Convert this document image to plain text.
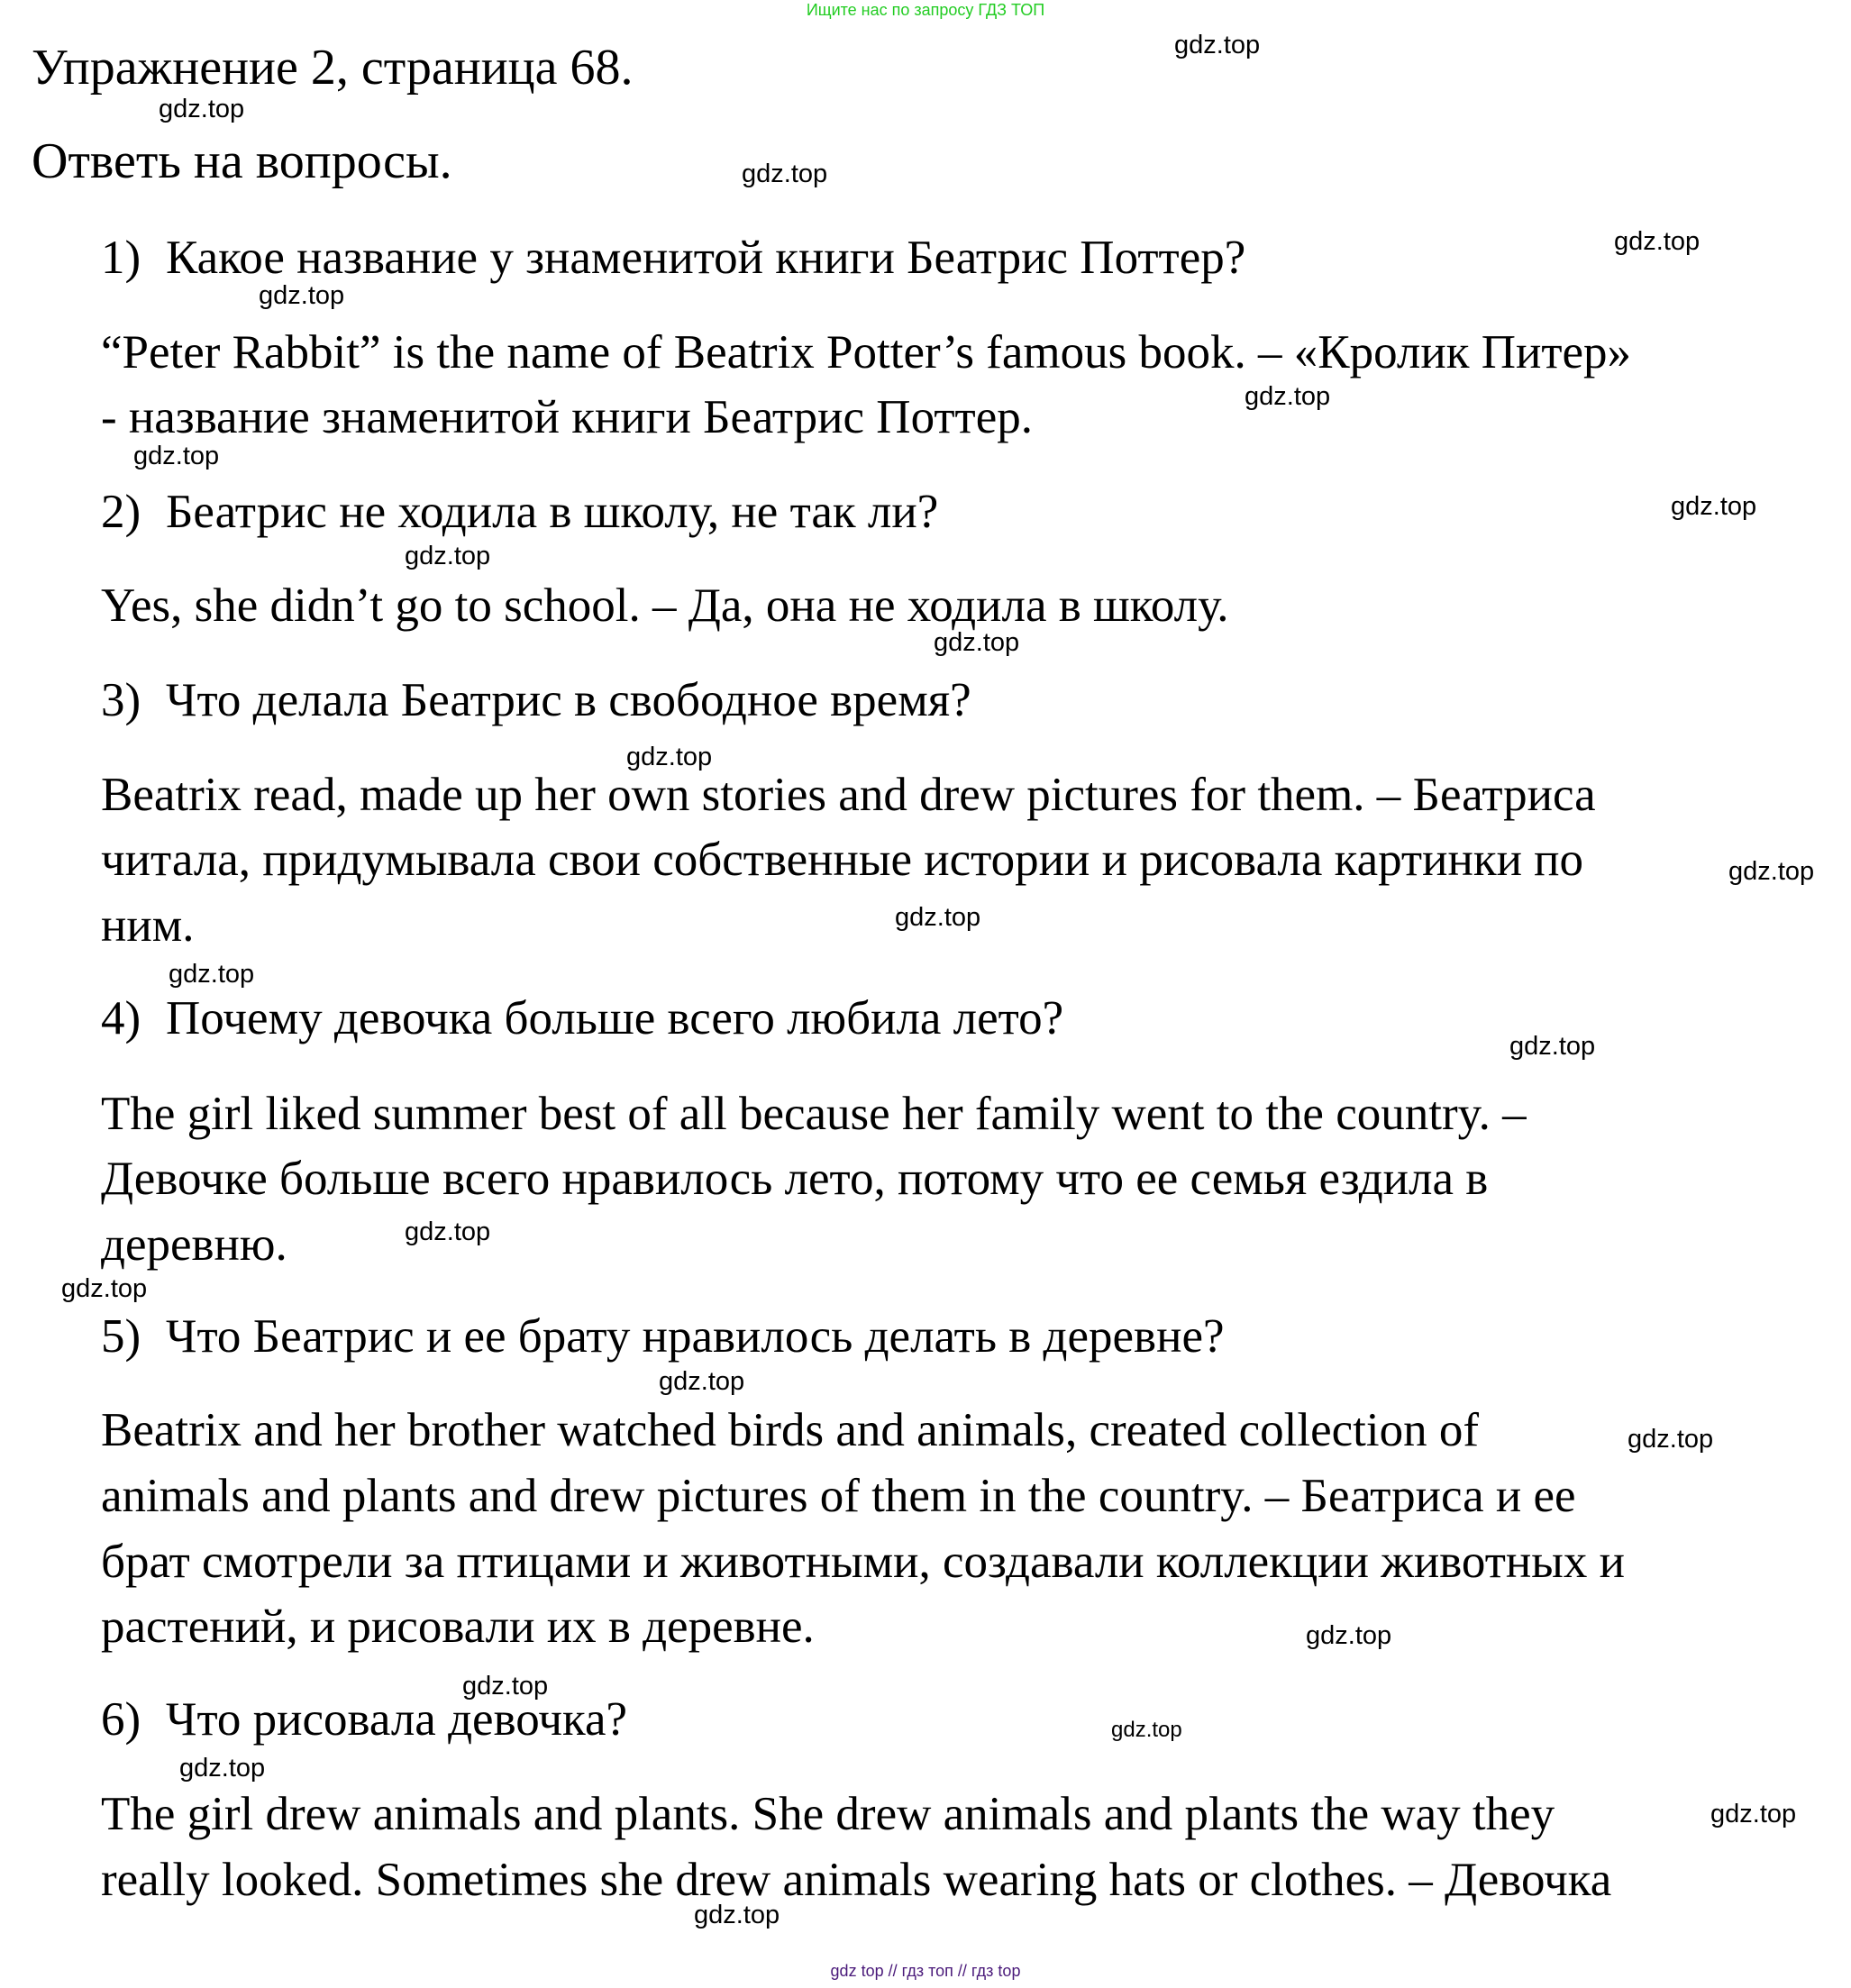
Ищите нас по запросу ГДЗ ТОП
Упражнение 2, страница 68.
Ответь на вопросы.
1) Какое название у знаменитой книги Беатрис Поттер?
“Peter Rabbit” is the name of Beatrix Potter’s famous book. – «Кролик Питер»
- название знаменитой книги Беатрис Поттер.
2) Беатрис не ходила в школу, не так ли?
Yes, she didn’t go to school. – Да, она не ходила в школу.
3) Что делала Беатрис в свободное время?
Beatrix read, made up her own stories and drew pictures for them. – Беатриса
читала, придумывала свои собственные истории и рисовала картинки по
ним.
4) Почему девочка больше всего любила лето?
The girl liked summer best of all because her family went to the country. –
Девочке больше всего нравилось лето, потому что ее семья ездила в
деревню.
5) Что Беатрис и ее брату нравилось делать в деревне?
Beatrix and her brother watched birds and animals, created collection of
animals and plants and drew pictures of them in the country. – Беатриса и ее
брат смотрели за птицами и животными, создавали коллекции животных и
растений, и рисовали их в деревне.
6) Что рисовала девочка?
The girl drew animals and plants. She drew animals and plants the way they
really looked. Sometimes she drew animals wearing hats or clothes. – Девочка
gdz.top
gdz.top
gdz.top
gdz.top
gdz.top
gdz.top
gdz.top
gdz.top
gdz.top
gdz.top
gdz.top
gdz.top
gdz.top
gdz.top
gdz.top
gdz.top
gdz.top
gdz.top
gdz.top
gdz.top
gdz.top
gdz.top
gdz.top
gdz.top
gdz.top
gdz top // гдз топ // гдз top
